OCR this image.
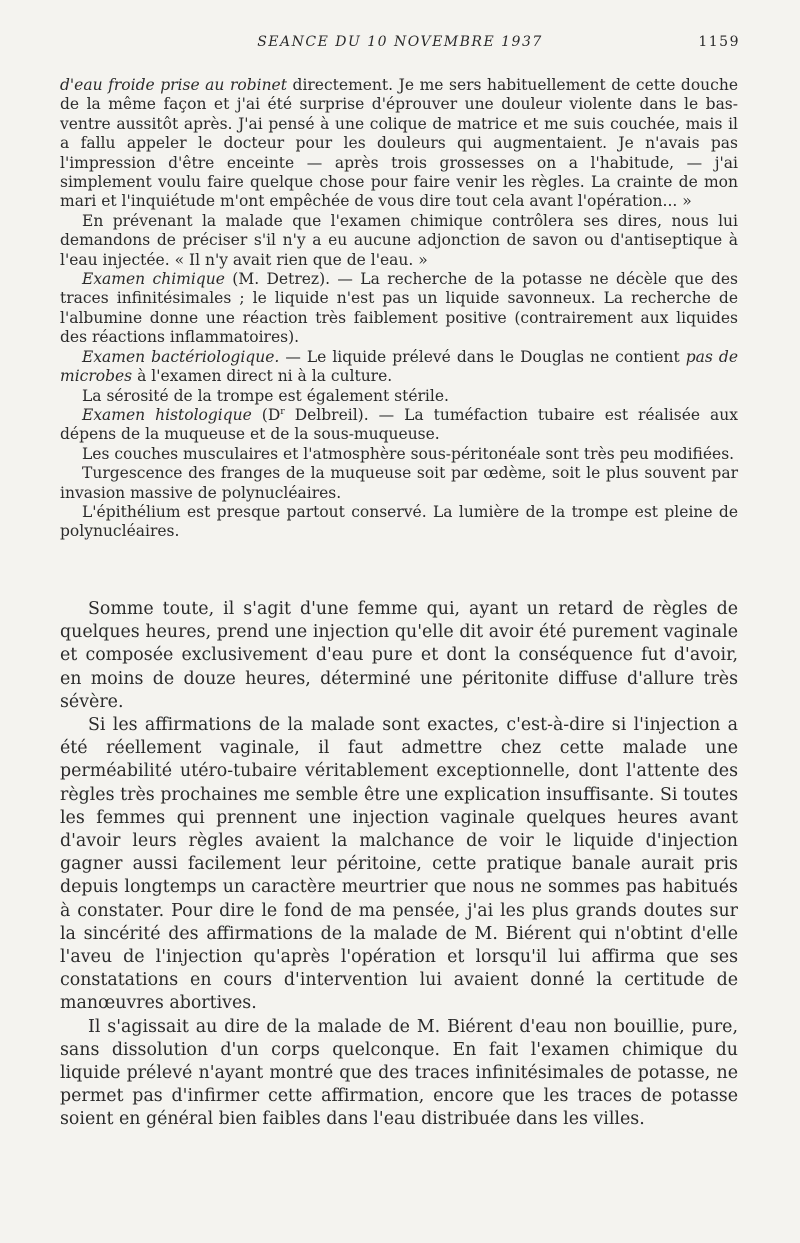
SEANCE DU 10 NOVEMBRE 1937	1159

d'eau froide prise au robinet directement. Je me sers habituellement de cette douche de la même façon et j'ai été surprise d'éprouver une douleur violente dans le bas-ventre aussitôt après. J'ai pensé à une colique de matrice et me suis couchée, mais il a fallu appeler le docteur pour les douleurs qui augmentaient. Je n'avais pas l'impression d'être enceinte — après trois grossesses on a l'habitude, — j'ai simplement voulu faire quelque chose pour faire venir les règles. La crainte de mon mari et l'inquiétude m'ont empêchée de vous dire tout cela avant l'opération... »

En prévenant la malade que l'examen chimique contrôlera ses dires, nous lui demandons de préciser s'il n'y a eu aucune adjonction de savon ou d'antiseptique à l'eau injectée. « Il n'y avait rien que de l'eau. »

Examen chimique (M. Detrez). — La recherche de la potasse ne décèle que des traces infinitésimales ; le liquide n'est pas un liquide savonneux. La recherche de l'albumine donne une réaction très faiblement positive (contrairement aux liquides des réactions inflammatoires).

Examen bactériologique. — Le liquide prélevé dans le Douglas ne contient pas de microbes à l'examen direct ni à la culture.

La sérosité de la trompe est également stérile.

Examen histologique ($D^r$ Delbreil). — La tuméfaction tubaire est réalisée aux dépens de la muqueuse et de la sous-muqueuse.

Les couches musculaires et l'atmosphère sous-péritonéale sont très peu modifiées.

Turgescence des franges de la muqueuse soit par œdème, soit le plus souvent par invasion massive de polynucléaires.

L'épithélium est presque partout conservé. La lumière de la trompe est pleine de polynucléaires.

Somme toute, il s'agit d'une femme qui, ayant un retard de règles de quelques heures, prend une injection qu'elle dit avoir été purement vaginale et composée exclusivement d'eau pure et dont la conséquence fut d'avoir, en moins de douze heures, déterminé une péritonite diffuse d'allure très sévère.

Si les affirmations de la malade sont exactes, c'est-à-dire si l'injection a été réellement vaginale, il faut admettre chez cette malade une perméabilité utéro-tubaire véritablement exceptionnelle, dont l'attente des règles très prochaines me semble être une explication insuffisante. Si toutes les femmes qui prennent une injection vaginale quelques heures avant d'avoir leurs règles avaient la malchance de voir le liquide d'injection gagner aussi facilement leur péritoine, cette pratique banale aurait pris depuis longtemps un caractère meurtrier que nous ne sommes pas habitués à constater. Pour dire le fond de ma pensée, j'ai les plus grands doutes sur la sincérité des affirmations de la malade de M. Biérent qui n'obtint d'elle l'aveu de l'injection qu'après l'opération et lorsqu'il lui affirma que ses constatations en cours d'intervention lui avaient donné la certitude de manœuvres abortives.

Il s'agissait au dire de la malade de M. Biérent d'eau non bouillie, pure, sans dissolution d'un corps quelconque. En fait l'examen chimique du liquide prélevé n'ayant montré que des traces infinitésimales de potasse, ne permet pas d'infirmer cette affirmation, encore que les traces de potasse soient en général bien faibles dans l'eau distribuée dans les villes.
